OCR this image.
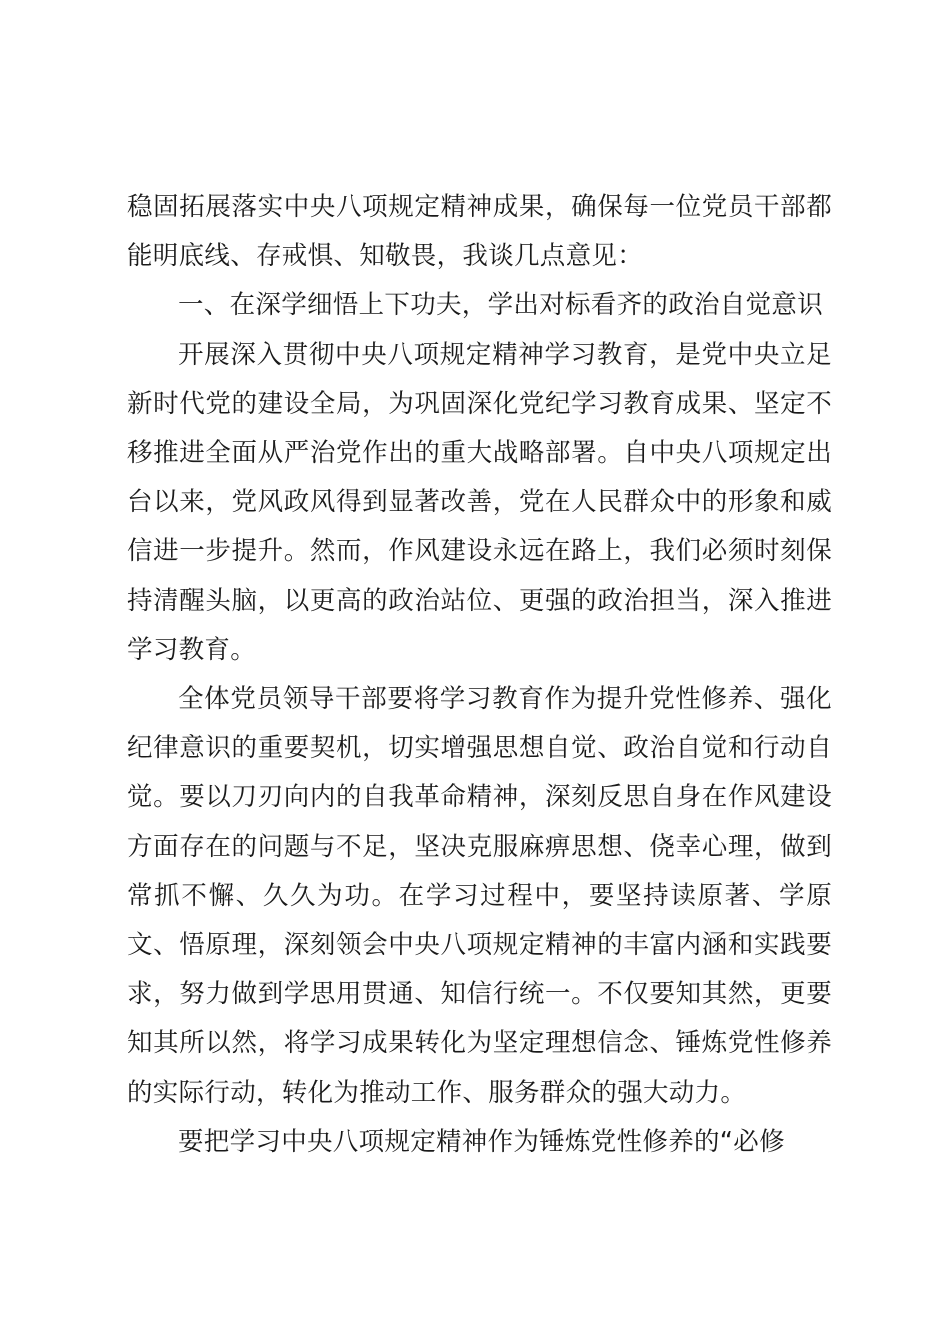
稳固拓展落实中央八项规定精神成果，确保每一位党员干部都能明底线、存戒惧、知敬畏，我谈几点意见：

一、在深学细悟上下功夫，学出对标看齐的政治自觉意识

开展深入贯彻中央八项规定精神学习教育，是党中央立足新时代党的建设全局，为巩固深化党纪学习教育成果、坚定不移推进全面从严治党作出的重大战略部署。自中央八项规定出台以来，党风政风得到显著改善，党在人民群众中的形象和威信进一步提升。然而，作风建设永远在路上，我们必须时刻保持清醒头脑，以更高的政治站位、更强的政治担当，深入推进学习教育。

全体党员领导干部要将学习教育作为提升党性修养、强化纪律意识的重要契机，切实增强思想自觉、政治自觉和行动自觉。要以刀刃向内的自我革命精神，深刻反思自身在作风建设方面存在的问题与不足，坚决克服麻痹思想、侥幸心理，做到常抓不懈、久久为功。在学习过程中，要坚持读原著、学原文、悟原理，深刻领会中央八项规定精神的丰富内涵和实践要求，努力做到学思用贯通、知信行统一。不仅要知其然，更要知其所以然，将学习成果转化为坚定理想信念、锤炼党性修养的实际行动，转化为推动工作、服务群众的强大动力。

要把学习中央八项规定精神作为锤炼党性修养的“必修
